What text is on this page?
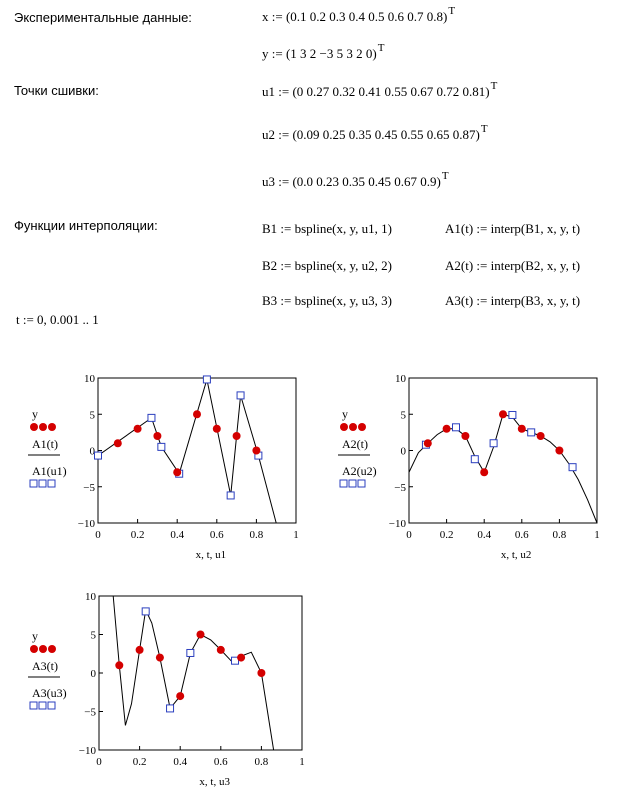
Экспериментальные данные:	x := (0.1 0.2 0.3 0.4 0.5 0.6 0.7 0.8)$^T$
y := (1 3 2 −3 5 3 2 0)$^T$
Точки сшивки:	u1 := (0 0.27 0.32 0.41 0.55 0.67 0.72 0.81)$^T$
u2 := (0.09 0.25 0.35 0.45 0.55 0.65 0.87)$^T$
u3 := (0.0 0.23 0.35 0.45 0.67 0.9)$^T$
Функции интерполяции:	B1 := bspline(x, y, u1, 1)	A1(t) := interp(B1, x, y, t)
B2 := bspline(x, y, u2, 2)	A2(t) := interp(B2, x, y, t)
B3 := bspline(x, y, u3, 3)	A3(t) := interp(B3, x, y, t)
t := 0, 0.001 .. 1
10
5
0
−5
−10
0	0.2 0.4 0.6 0.8	1
x, t, u1
y
A1(t)
A1(u1)
10
5
0
−5
−10
0	0.2 0.4 0.6 0.8	1
x, t, u2
y
A2(t)
A2(u2)
10
5
0
−5
−10
0	0.2 0.4 0.6 0.8	1
x, t, u3
y
A3(t)
A3(u3)
